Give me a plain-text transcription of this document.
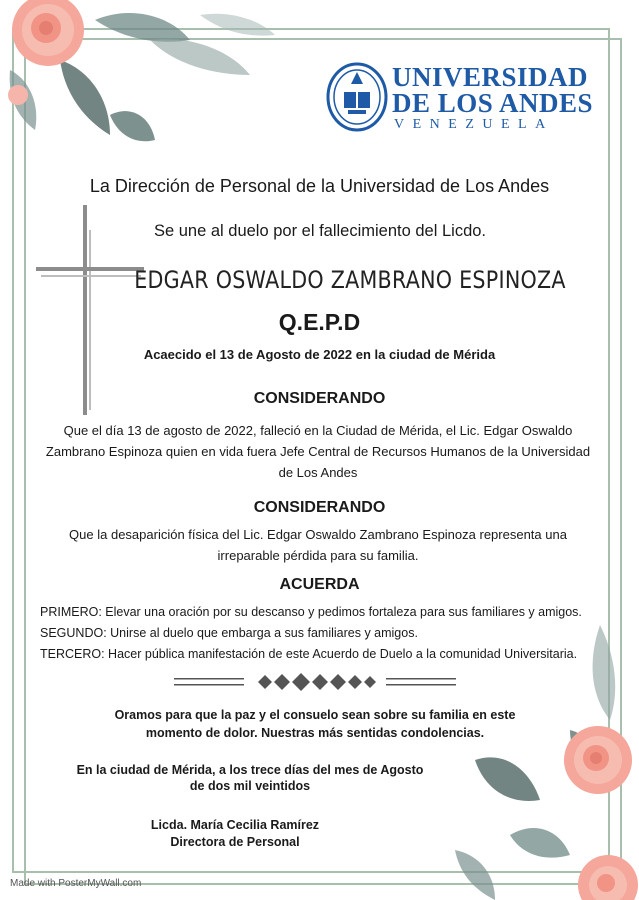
UNIVERSIDAD
DE LOS ANDES
VENEZUELA
La Dirección de Personal de la Universidad de Los Andes
Se une al duelo por el fallecimiento del Licdo.
EDGAR OSWALDO ZAMBRANO ESPINOZA
Q.E.P.D
Acaecido el 13 de Agosto de 2022 en la ciudad de Mérida
CONSIDERANDO
Que el día 13 de agosto de 2022, falleció en la Ciudad de Mérida, el Lic. Edgar Oswaldo
Zambrano Espinoza quien en vida fuera Jefe Central de Recursos Humanos de la Universidad
de Los Andes
CONSIDERANDO
Que la desaparición física del Lic. Edgar Oswaldo Zambrano Espinoza representa una
irreparable pérdida para su familia.
ACUERDA
PRIMERO: Elevar una oración por su descanso y pedimos fortaleza para sus familiares y amigos.
SEGUNDO: Unirse al duelo que embarga a sus familiares y amigos.
TERCERO: Hacer pública manifestación de este Acuerdo de Duelo a la comunidad Universitaria.
Oramos para que la paz y el consuelo sean sobre su familia en este
momento de dolor. Nuestras más sentidas condolencias.
En la ciudad de Mérida, a los trece días del mes de Agosto
de dos mil veintidos
Licda. María Cecilia Ramírez
Directora de Personal
Made with PosterMyWall.com
